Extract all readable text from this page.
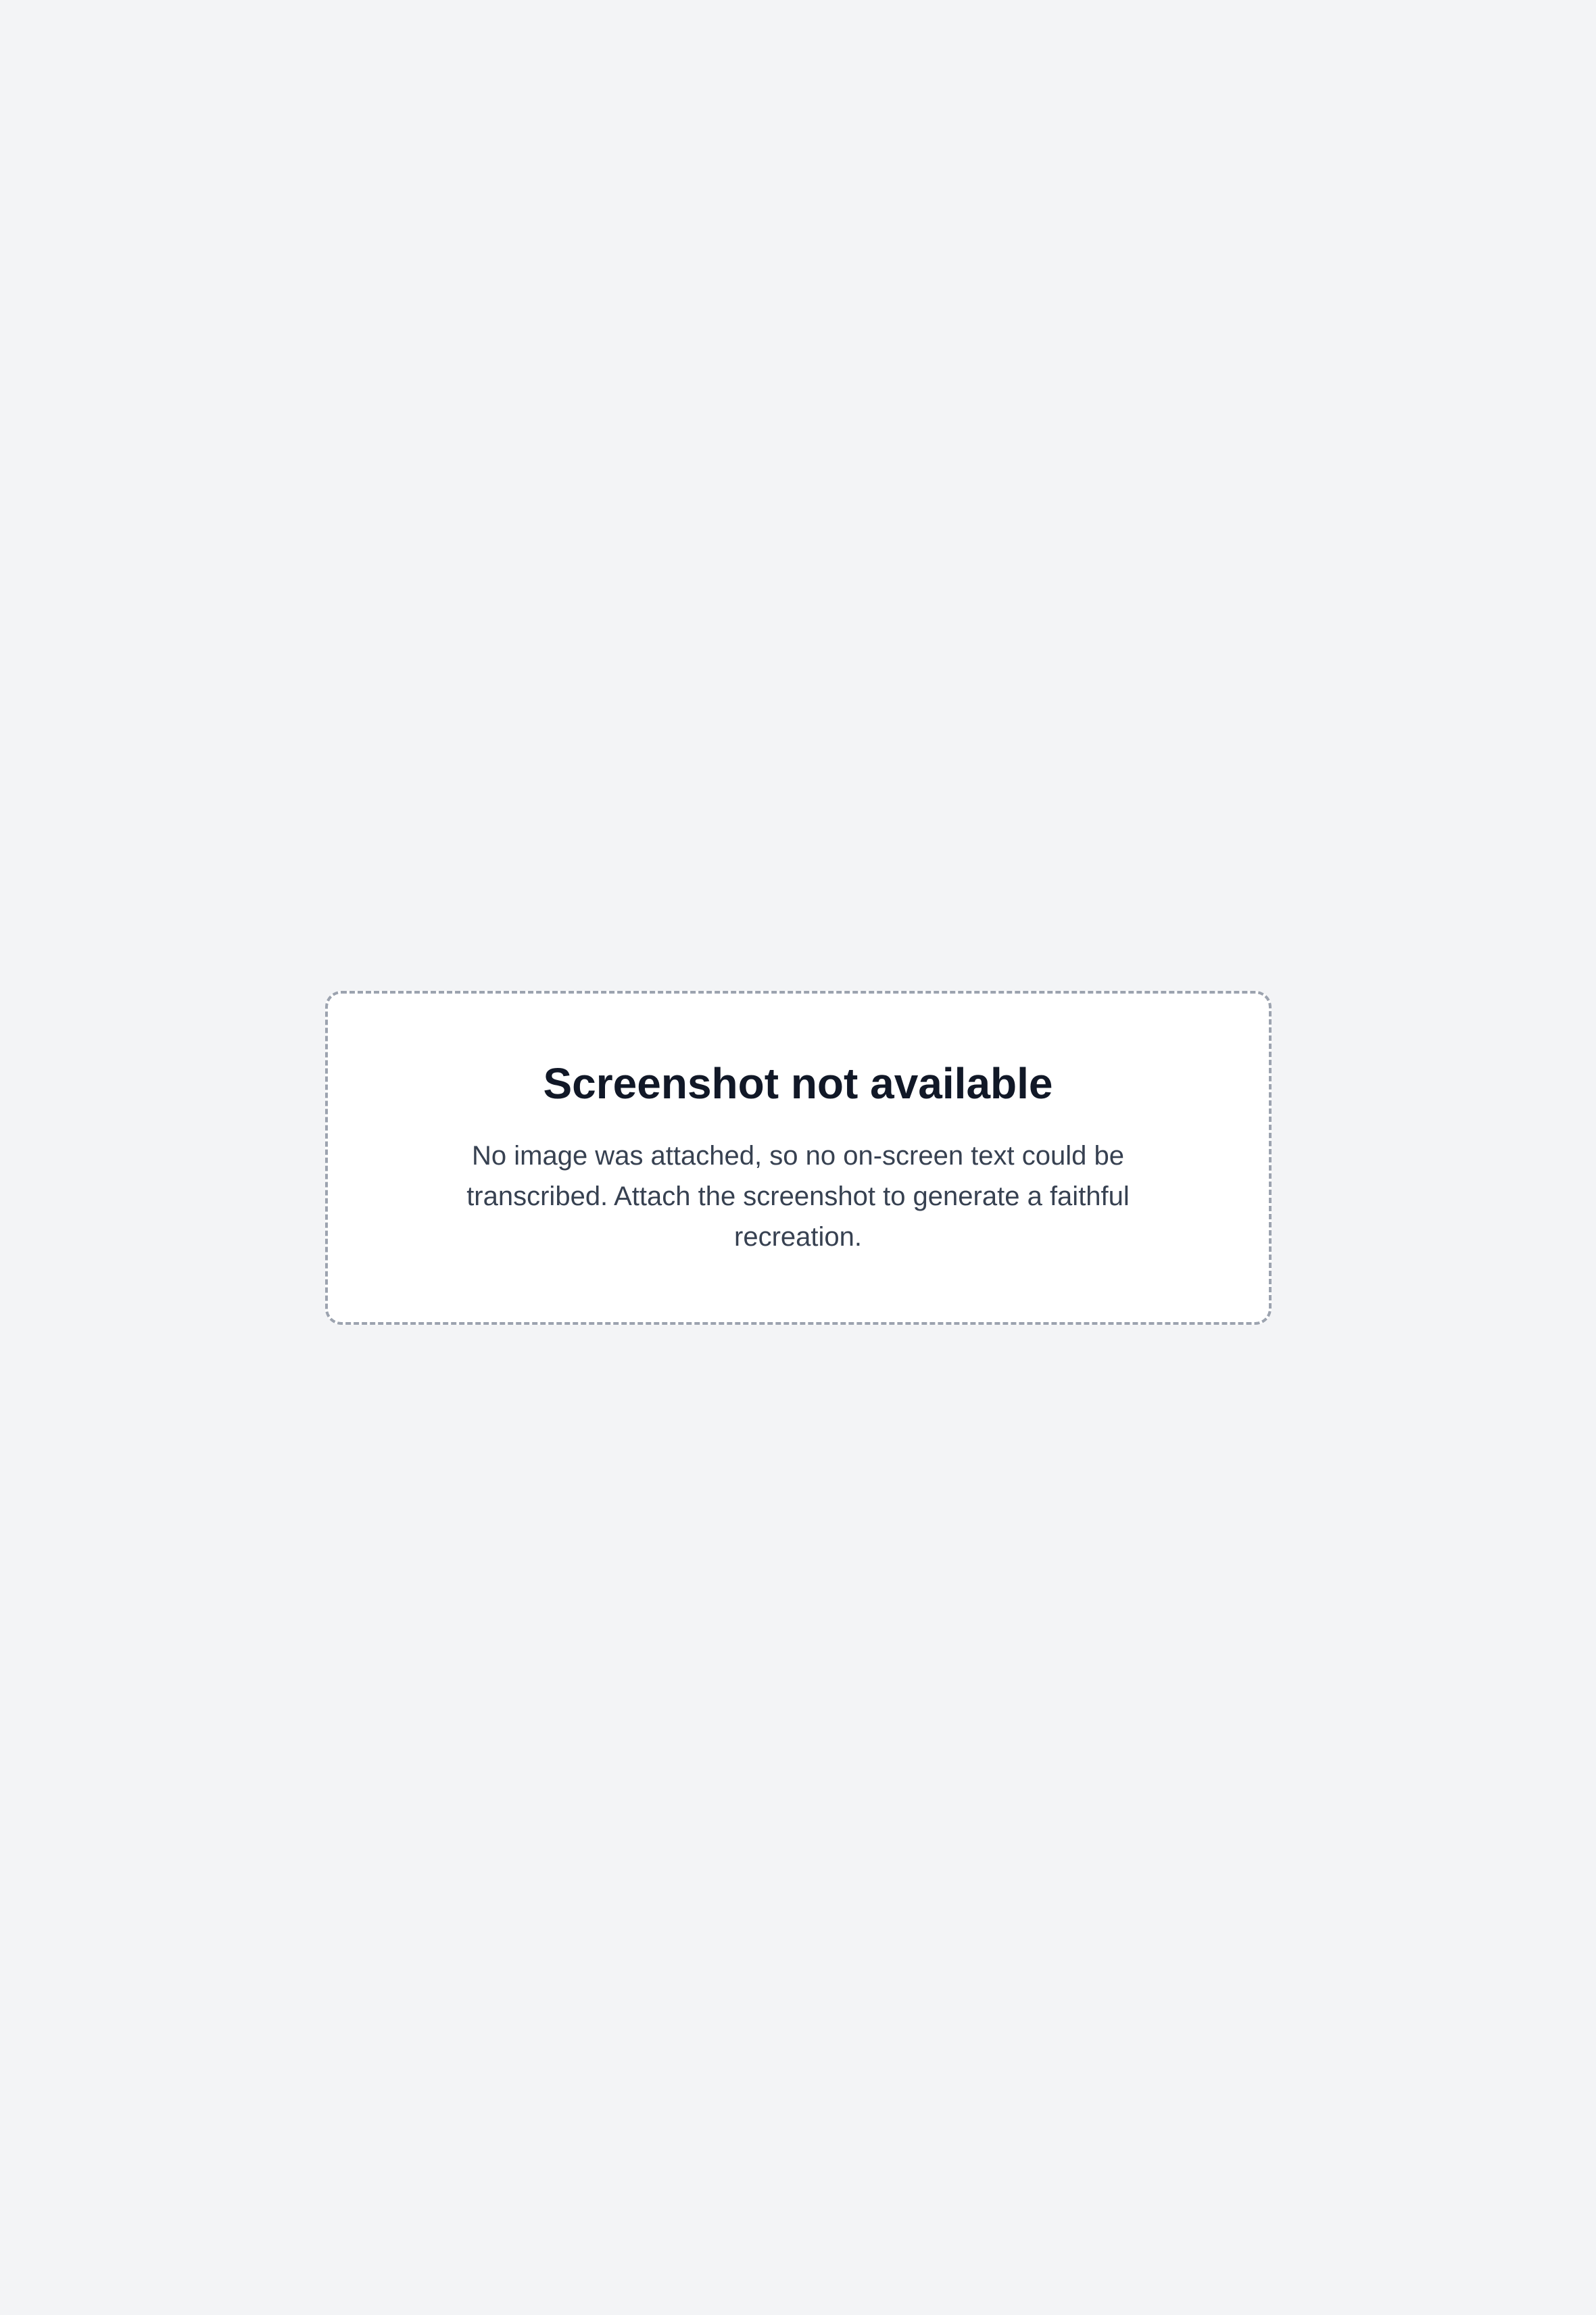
Screenshot not available

No image was attached, so no on-screen text could be transcribed. Attach the screenshot to generate a faithful recreation.
